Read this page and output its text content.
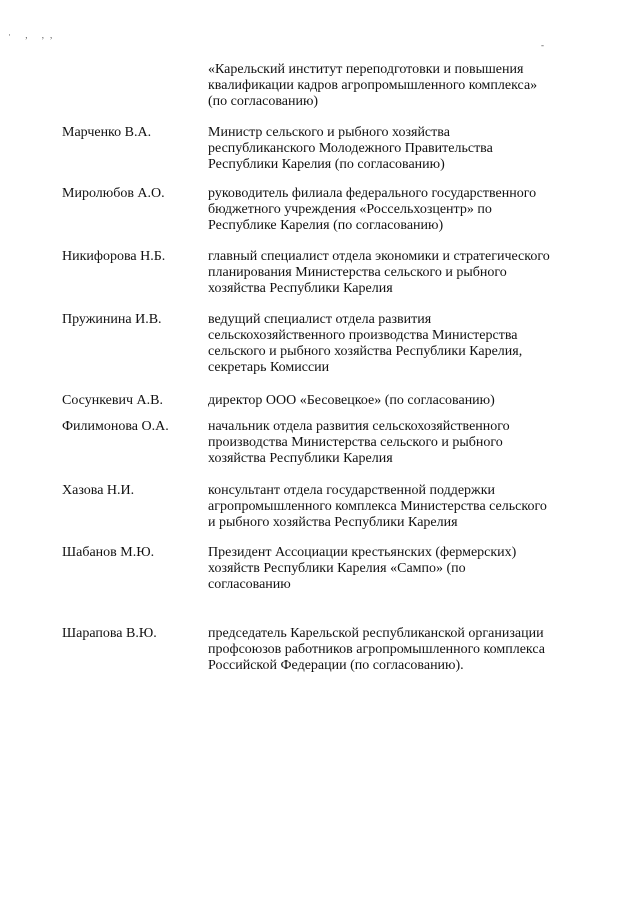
· , ,,
-
«Карельский институт переподготовки и повышения
квалификации кадров агропромышленного комплекса»
(по согласованию)
Марченко В.А.	Министр сельского и рыбного хозяйства
республиканского Молодежного Правительства
Республики Карелия (по согласованию)
Миролюбов А.О.	руководитель филиала федерального государственного
бюджетного учреждения «Россельхозцентр» по
Республике Карелия (по согласованию)
Никифорова Н.Б.	главный специалист отдела экономики и стратегического
планирования Министерства сельского и рыбного
хозяйства Республики Карелия
Пружинина И.В.	ведущий специалист отдела развития
сельскохозяйственного производства Министерства
сельского и рыбного хозяйства Республики Карелия,
секретарь Комиссии
Сосункевич А.В.	директор ООО «Бесовецкое» (по согласованию)
Филимонова О.А.	начальник отдела развития сельскохозяйственного
производства Министерства сельского и рыбного
хозяйства Республики Карелия
Хазова Н.И.	консультант отдела государственной поддержки
агропромышленного комплекса Министерства сельского
и рыбного хозяйства Республики Карелия
Шабанов М.Ю.	Президент Ассоциации крестьянских (фермерских)
хозяйств Республики Карелия «Сампо» (по
согласованию
Шарапова В.Ю.	председатель Карельской республиканской организации
профсоюзов работников агропромышленного комплекса
Российской Федерации (по согласованию).
